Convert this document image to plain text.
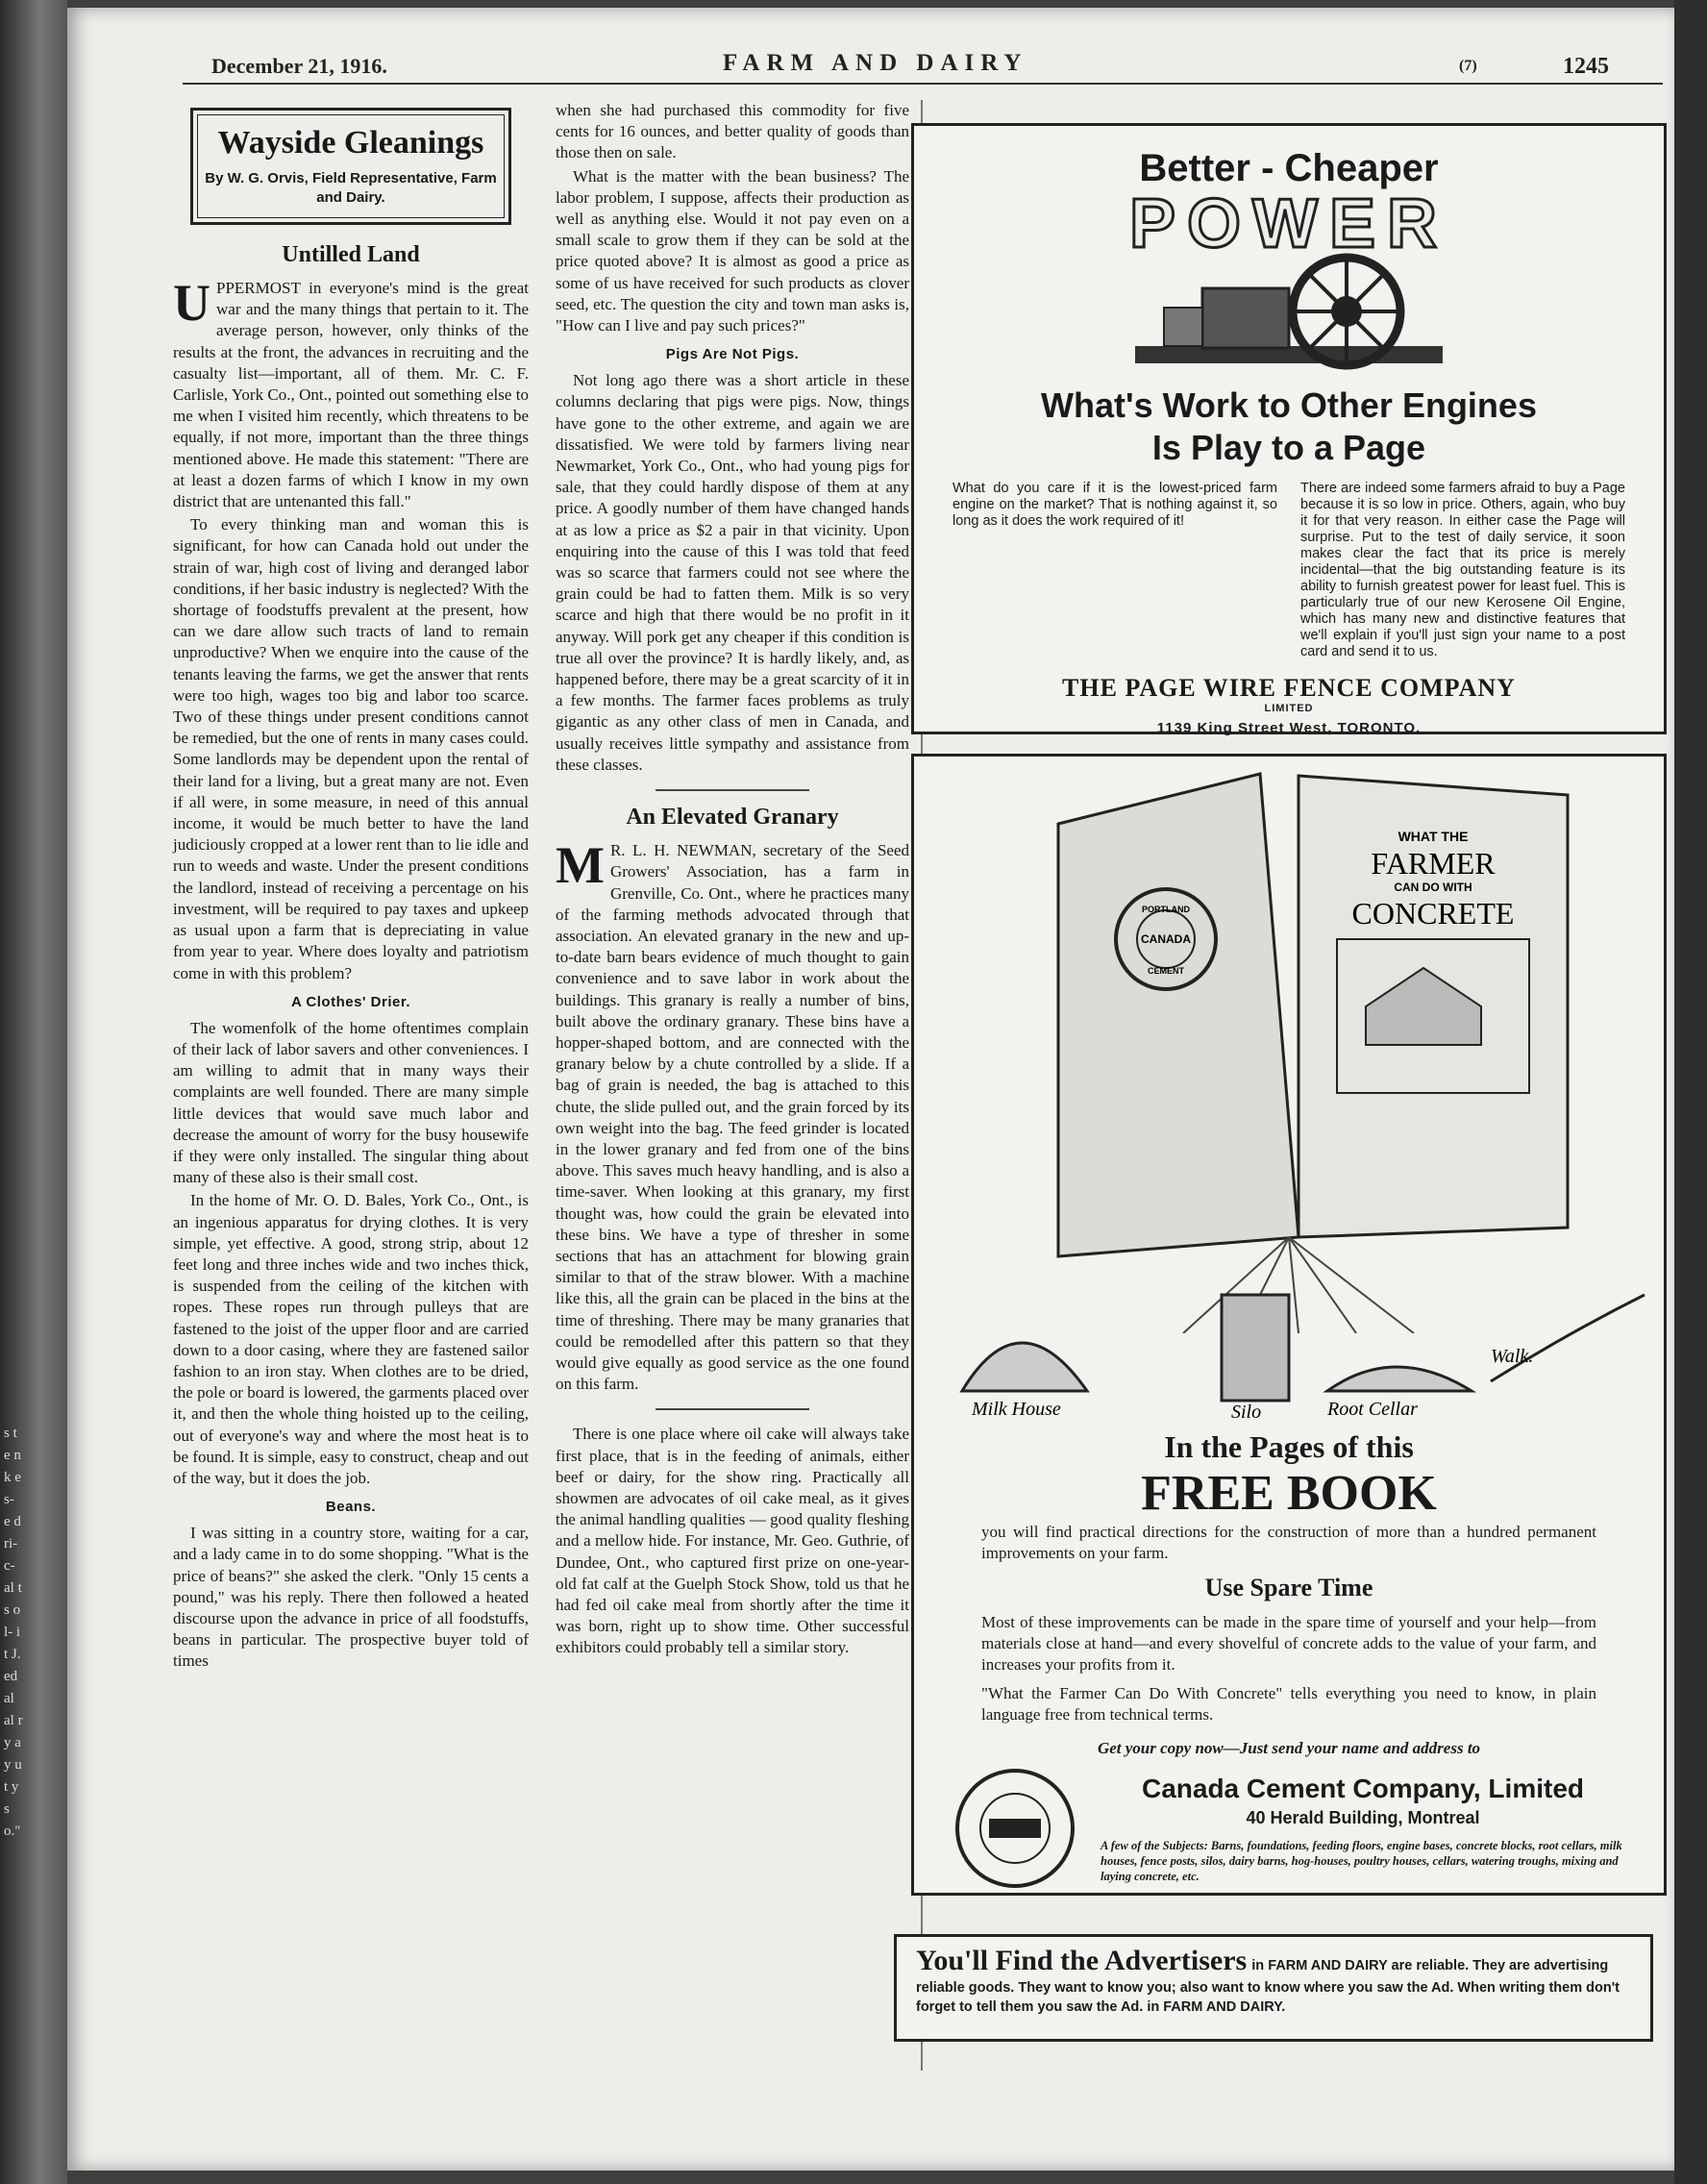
s t e n k e s- e d ri- c- al ts ol- it J. ed al al ry ay ut ys o."
December 21, 1916.	FARM AND DAIRY	(7)	1245
Wayside Gleanings
By W. G. Orvis, Field Representative, Farm and Dairy.
Untilled Land

UPPERMOST in everyone's mind is the great war and the many things that pertain to it. The average person, however, only thinks of the results at the front, the advances in recruiting and the casualty list—important, all of them. Mr. C. F. Carlisle, York Co., Ont., pointed out something else to me when I visited him recently, which threatens to be equally, if not more, important than the three things mentioned above. He made this statement: "There are at least a dozen farms of which I know in my own district that are untenanted this fall."

To every thinking man and woman this is significant, for how can Canada hold out under the strain of war, high cost of living and deranged labor conditions, if her basic industry is neglected? With the shortage of foodstuffs prevalent at the present, how can we dare allow such tracts of land to remain unproductive? When we enquire into the cause of the tenants leaving the farms, we get the answer that rents were too high, wages too big and labor too scarce. Two of these things under present conditions cannot be remedied, but the one of rents in many cases could. Some landlords may be dependent upon the rental of their land for a living, but a great many are not. Even if all were, in some measure, in need of this annual income, it would be much better to have the land judiciously cropped at a lower rent than to lie idle and run to weeds and waste. Under the present conditions the landlord, instead of receiving a percentage on his investment, will be required to pay taxes and upkeep as usual upon a farm that is depreciating in value from year to year. Where does loyalty and patriotism come in with this problem?

A Clothes' Drier.

The womenfolk of the home oftentimes complain of their lack of labor savers and other conveniences. I am willing to admit that in many ways their complaints are well founded. There are many simple little devices that would save much labor and decrease the amount of worry for the busy housewife if they were only installed. The singular thing about many of these also is their small cost.

In the home of Mr. O. D. Bales, York Co., Ont., is an ingenious apparatus for drying clothes. It is very simple, yet effective. A good, strong strip, about 12 feet long and three inches wide and two inches thick, is suspended from the ceiling of the kitchen with ropes. These ropes run through pulleys that are fastened to the joist of the upper floor and are carried down to a door casing, where they are fastened sailor fashion to an iron stay. When clothes are to be dried, the pole or board is lowered, the garments placed over it, and then the whole thing hoisted up to the ceiling, out of everyone's way and where the most heat is to be found. It is simple, easy to construct, cheap and out of the way, but it does the job.

Beans.

I was sitting in a country store, waiting for a car, and a lady came in to do some shopping. "What is the price of beans?" she asked the clerk. "Only 15 cents a pound," was his reply. There then followed a heated discourse upon the advance in price of all foodstuffs, beans in particular. The prospective buyer told of times

when she had purchased this commodity for five cents for 16 ounces, and better quality of goods than those then on sale.

What is the matter with the bean business? The labor problem, I suppose, affects their production as well as anything else. Would it not pay even on a small scale to grow them if they can be sold at the price quoted above? It is almost as good a price as some of us have received for such products as clover seed, etc. The question the city and town man asks is, "How can I live and pay such prices?"

Pigs Are Not Pigs.

Not long ago there was a short article in these columns declaring that pigs were pigs. Now, things have gone to the other extreme, and again we are dissatisfied. We were told by farmers living near Newmarket, York Co., Ont., who had young pigs for sale, that they could hardly dispose of them at any price. A goodly number of them have changed hands at as low a price as $2 a pair in that vicinity. Upon enquiring into the cause of this I was told that feed was so scarce that farmers could not see where the grain could be had to fatten them. Milk is so very scarce and high that there would be no profit in it anyway. Will pork get any cheaper if this condition is true all over the province? It is hardly likely, and, as happened before, there may be a great scarcity of it in a few months. The farmer faces problems as truly gigantic as any other class of men in Canada, and usually receives little sympathy and assistance from these classes.

An Elevated Granary

M R. L. H. NEWMAN, secretary of the Seed Growers' Association, has a farm in Grenville, Co. Ont., where he practices many of the farming methods advocated through that association. An elevated granary in the new and up-to-date barn bears evidence of much thought to gain convenience and to save labor in work about the buildings. This granary is really a number of bins, built above the ordinary granary. These bins have a hopper-shaped bottom, and are connected with the granary below by a chute controlled by a slide. If a bag of grain is needed, the bag is attached to this chute, the slide pulled out, and the grain forced by its own weight into the bag. The feed grinder is located in the lower granary and fed from one of the bins above. This saves much heavy handling, and is also a time-saver. When looking at this granary, my first thought was, how could the grain be elevated into these bins. We have a type of thresher in some sections that has an attachment for blowing grain similar to that of the straw blower. With a machine like this, all the grain can be placed in the bins at the time of threshing. There may be many granaries that could be remodelled after this pattern so that they would give equally as good service as the one found on this farm.

There is one place where oil cake will always take first place, that is in the feeding of animals, either beef or dairy, for the show ring. Practically all showmen are advocates of oil cake meal, as it gives the animal handling qualities — good quality fleshing and a mellow hide. For instance, Mr. Geo. Guthrie, of Dundee, Ont., who captured first prize on one-year-old fat calf at the Guelph Stock Show, told us that he had fed oil cake meal from shortly after the time it was born, right up to show time. Other successful exhibitors could probably tell a similar story.

Better - Cheaper
POWER
What's Work to Other Engines
Is Play to a Page
What do you care if it is the lowest-priced farm engine on the market? That is nothing against it, so long as it does the work required of it!
There are indeed some farmers afraid to buy a Page because it is so low in price. Others, again, who buy it for that very reason. In either case the Page will surprise. Put to the test of daily service, it soon makes clear the fact that its price is merely incidental—that the big outstanding feature is its ability to furnish greatest power for least fuel. This is particularly true of our new Kerosene Oil Engine, which has many new and distinctive features that we'll explain if you'll just sign your name to a post card and send it to us.
THE PAGE WIRE FENCE COMPANY
LIMITED
1139 King Street West, TORONTO.
PORTLAND
CANADA
CEMENT
WHAT THE
FARMER
CAN DO WITH
CONCRETE
Milk House	Silo	Root Cellar
Walk.
In the Pages of this
FREE BOOK
you will find practical directions for the construction of more than a hundred permanent improvements on your farm.
Use Spare Time
Most of these improvements can be made in the spare time of yourself and your help—from materials close at hand—and every shovelful of concrete adds to the value of your farm, and increases your profits from it.
"What the Farmer Can Do With Concrete" tells everything you need to know, in plain language free from technical terms.
Get your copy now—Just send your name and address to
Canada Cement Company, Limited
40 Herald Building, Montreal
A few of the Subjects: Barns, foundations, feeding floors, engine bases, concrete blocks, root cellars, milk houses, fence posts, silos, dairy barns, hog-houses, poultry houses, cellars, watering troughs, mixing and laying concrete, etc.
You'll Find the Advertisers in FARM AND DAIRY are reliable. They are advertising reliable goods. They want to know you; also want to know where you saw the Ad. When writing them don't forget to tell them you saw the Ad. in FARM AND DAIRY.
